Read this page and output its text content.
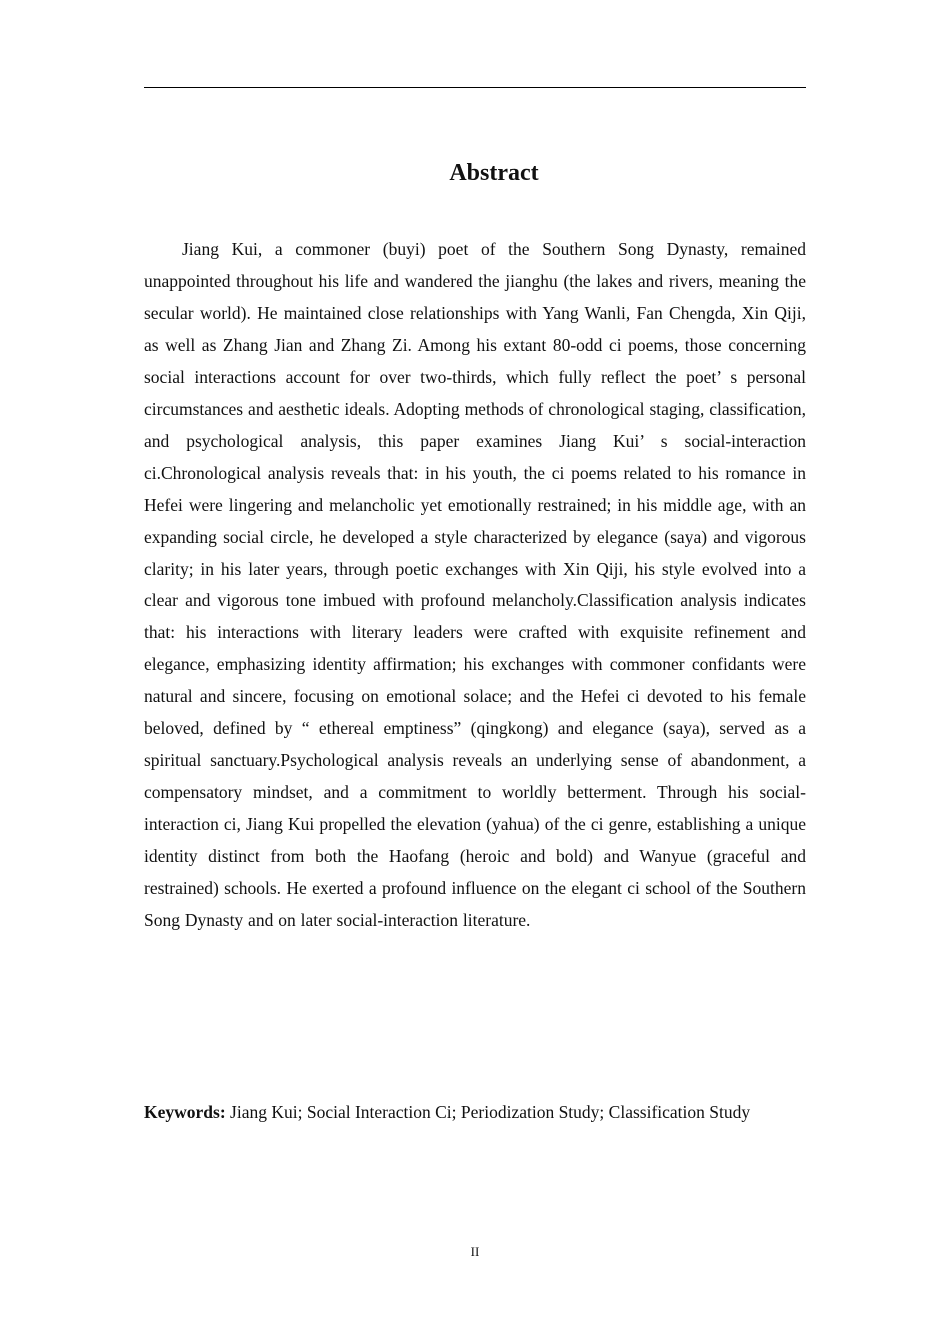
Abstract

Jiang Kui, a commoner (buyi) poet of the Southern Song Dynasty, remained unappointed throughout his life and wandered the jianghu (the lakes and rivers, meaning the secular world). He maintained close relationships with Yang Wanli, Fan Chengda, Xin Qiji, as well as Zhang Jian and Zhang Zi. Among his extant 80-odd ci poems, those concerning social interactions account for over two-thirds, which fully reflect the poet’ s personal circumstances and aesthetic ideals. Adopting methods of chronological staging, classification, and psychological analysis, this paper examines Jiang Kui’ s social-interaction ci.Chronological analysis reveals that: in his youth, the ci poems related to his romance in Hefei were lingering and melancholic yet emotionally restrained; in his middle age, with an expanding social circle, he developed a style characterized by elegance (saya) and vigorous clarity; in his later years, through poetic exchanges with Xin Qiji, his style evolved into a clear and vigorous tone imbued with profound melancholy.Classification analysis indicates that: his interactions with literary leaders were crafted with exquisite refinement and elegance, emphasizing identity affirmation; his exchanges with commoner confidants were natural and sincere, focusing on emotional solace; and the Hefei ci devoted to his female beloved, defined by “ ethereal emptiness” (qingkong) and elegance (saya), served as a spiritual sanctuary.Psychological analysis reveals an underlying sense of abandonment, a compensatory mindset, and a commitment to worldly betterment. Through his social-interaction ci, Jiang Kui propelled the elevation (yahua) of the ci genre, establishing a unique identity distinct from both the Haofang (heroic and bold) and Wanyue (graceful and restrained) schools. He exerted a profound influence on the elegant ci school of the Southern Song Dynasty and on later social-interaction literature.

Keywords: Jiang Kui; Social Interaction Ci; Periodization Study; Classification Study

II
